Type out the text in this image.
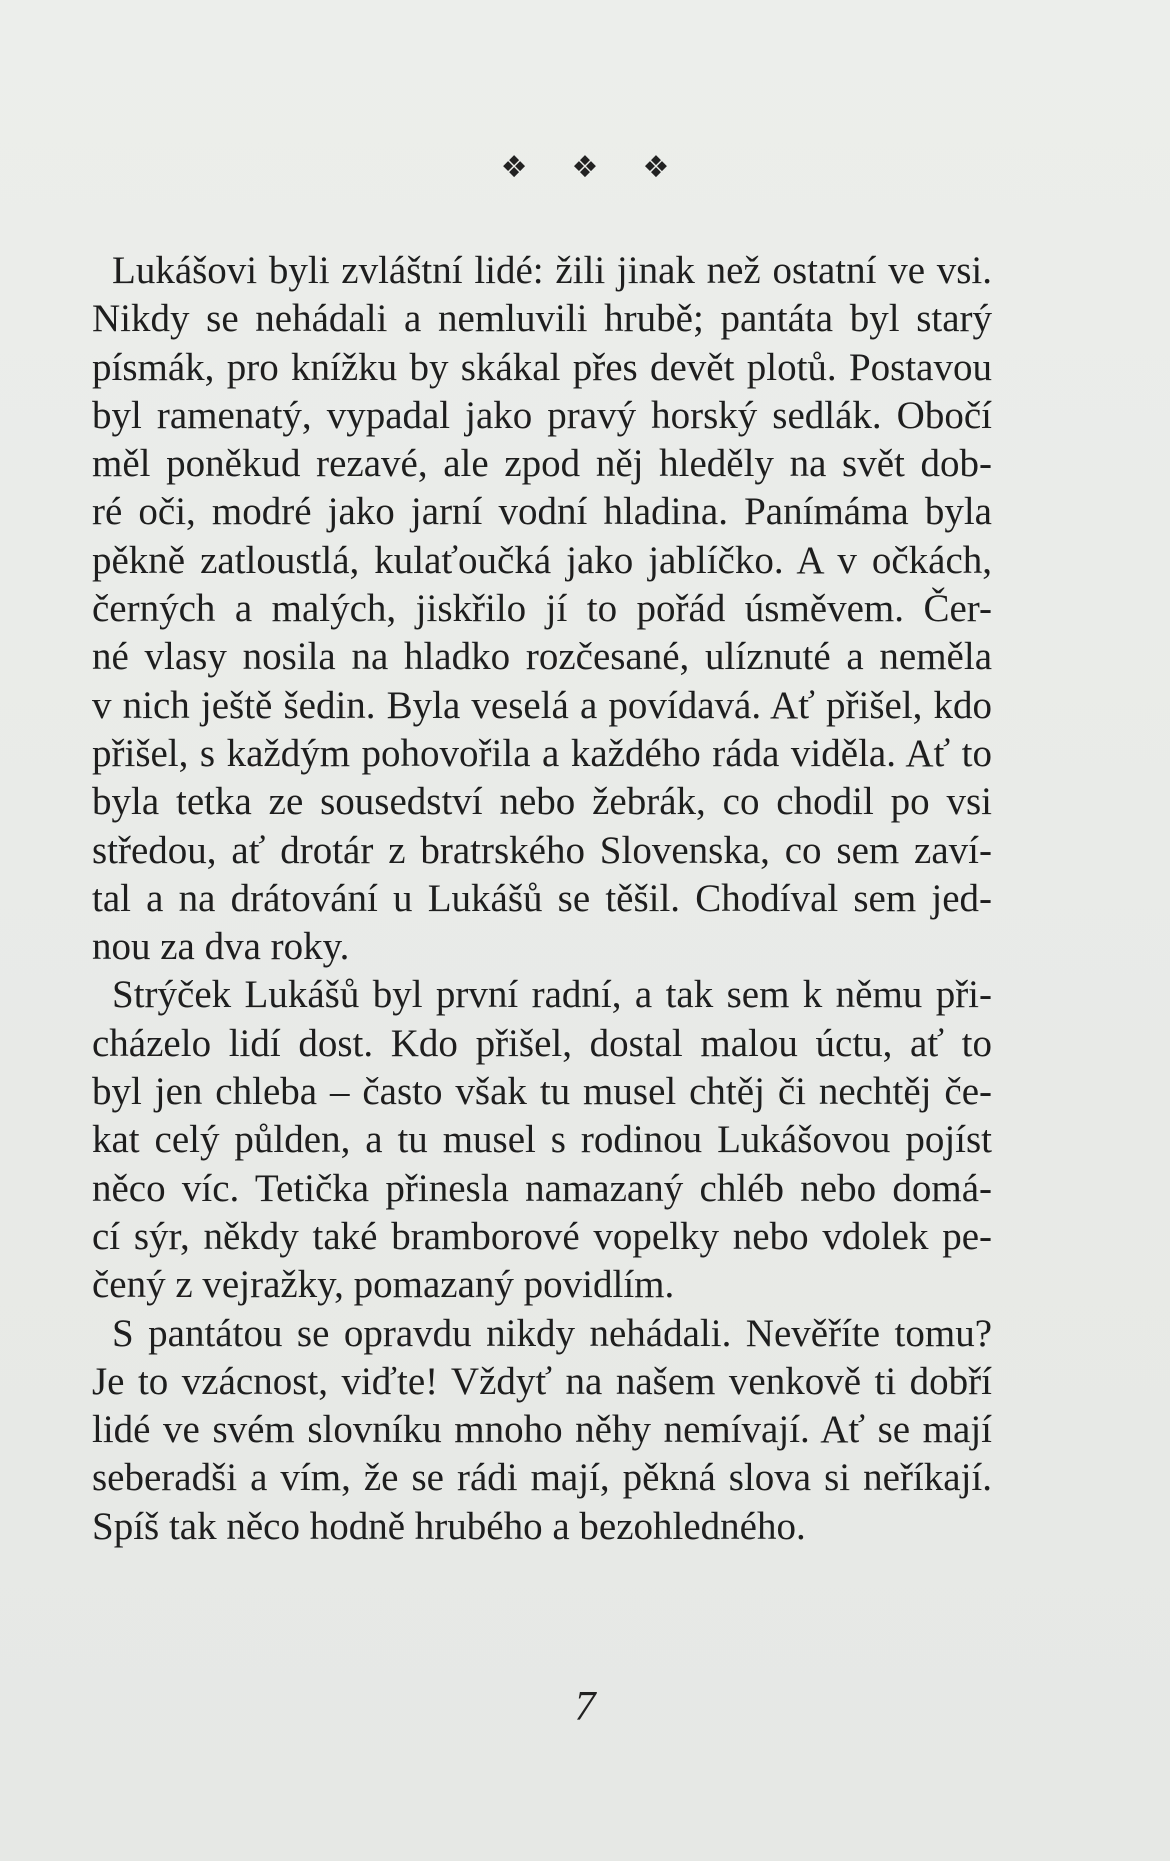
❖ ❖ ❖

Lukášovi byli zvláštní lidé: žili jinak než ostatní ve vsi.
Nikdy se nehádali a nemluvili hrubě; pantáta byl starý
písmák, pro knížku by skákal přes devět plotů. Postavou
byl ramenatý, vypadal jako pravý horský sedlák. Obočí
měl poněkud rezavé, ale zpod něj hleděly na svět dob-
ré oči, modré jako jarní vodní hladina. Panímáma byla
pěkně zatloustlá, kulaťoučká jako jablíčko. A v očkách,
černých a malých, jiskřilo jí to pořád úsměvem. Čer-
né vlasy nosila na hladko rozčesané, ulíznuté a neměla
v nich ještě šedin. Byla veselá a povídavá. Ať přišel, kdo
přišel, s každým pohovořila a každého ráda viděla. Ať to
byla tetka ze sousedství nebo žebrák, co chodil po vsi
středou, ať drotár z bratrského Slovenska, co sem zaví-
tal a na drátování u Lukášů se těšil. Chodíval sem jed-
nou za dva roky.

Strýček Lukášů byl první radní, a tak sem k němu při-
cházelo lidí dost. Kdo přišel, dostal malou úctu, ať to
byl jen chleba – často však tu musel chtěj či nechtěj če-
kat celý půlden, a tu musel s rodinou Lukášovou pojíst
něco víc. Tetička přinesla namazaný chléb nebo domá-
cí sýr, někdy také bramborové vopelky nebo vdolek pe-
čený z vejražky, pomazaný povidlím.

S pantátou se opravdu nikdy nehádali. Nevěříte tomu?
Je to vzácnost, viďte! Vždyť na našem venkově ti dobří
lidé ve svém slovníku mnoho něhy nemívají. Ať se mají
seberadši a vím, že se rádi mají, pěkná slova si neříkají.
Spíš tak něco hodně hrubého a bezohledného.

7
